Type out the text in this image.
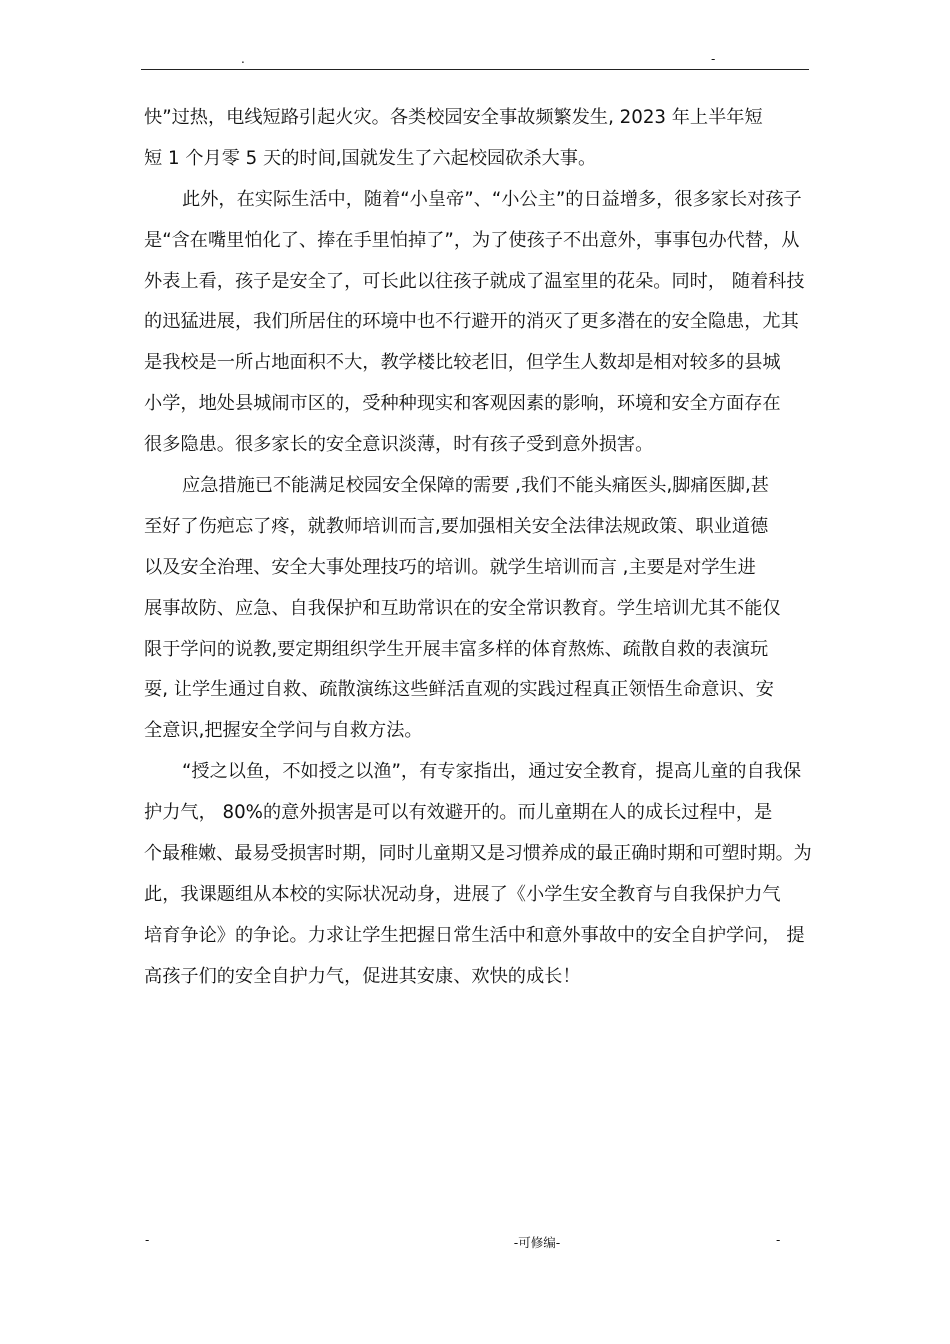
.	-
快”过热，电线短路引起火灾。各类校园安全事故频繁发生, 2023 年上半年短
短 1 个月零 5 天的时间,国就发生了六起校园砍杀大事。
此外，在实际生活中，随着“小皇帝”、“小公主”的日益增多，很多家长对孩子
是“含在嘴里怕化了、捧在手里怕掉了”，为了使孩子不出意外，事事包办代替，从
外表上看，孩子是安全了，可长此以往孩子就成了温室里的花朵。同时， 随着科技
的迅猛进展，我们所居住的环境中也不行避开的消灭了更多潜在的安全隐患，尤其
是我校是一所占地面积不大，教学楼比较老旧，但学生人数却是相对较多的县城
小学，地处县城闹市区的，受种种现实和客观因素的影响，环境和安全方面存在
很多隐患。很多家长的安全意识淡薄，时有孩子受到意外损害。
应急措施已不能满足校园安全保障的需要 ,我们不能头痛医头,脚痛医脚,甚
至好了伤疤忘了疼，就教师培训而言,要加强相关安全法律法规政策、职业道德
以及安全治理、安全大事处理技巧的培训。就学生培训而言 ,主要是对学生进
展事故防、应急、自我保护和互助常识在的安全常识教育。学生培训尤其不能仅
限于学问的说教,要定期组织学生开展丰富多样的体育熬炼、疏散自救的表演玩
耍, 让学生通过自救、疏散演练这些鲜活直观的实践过程真正领悟生命意识、安
全意识,把握安全学问与自救方法。
“授之以鱼，不如授之以渔”，有专家指出，通过安全教育，提高儿童的自我保
护力气， 80%的意外损害是可以有效避开的。而儿童期在人的成长过程中，是
个最稚嫩、最易受损害时期，同时儿童期又是习惯养成的最正确时期和可塑时期。为
此，我课题组从本校的实际状况动身，进展了《小学生安全教育与自我保护力气
培育争论》的争论。力求让学生把握日常生活中和意外事故中的安全自护学问， 提
高孩子们的安全自护力气，促进其安康、欢快的成长！
-	-可修编-	-
